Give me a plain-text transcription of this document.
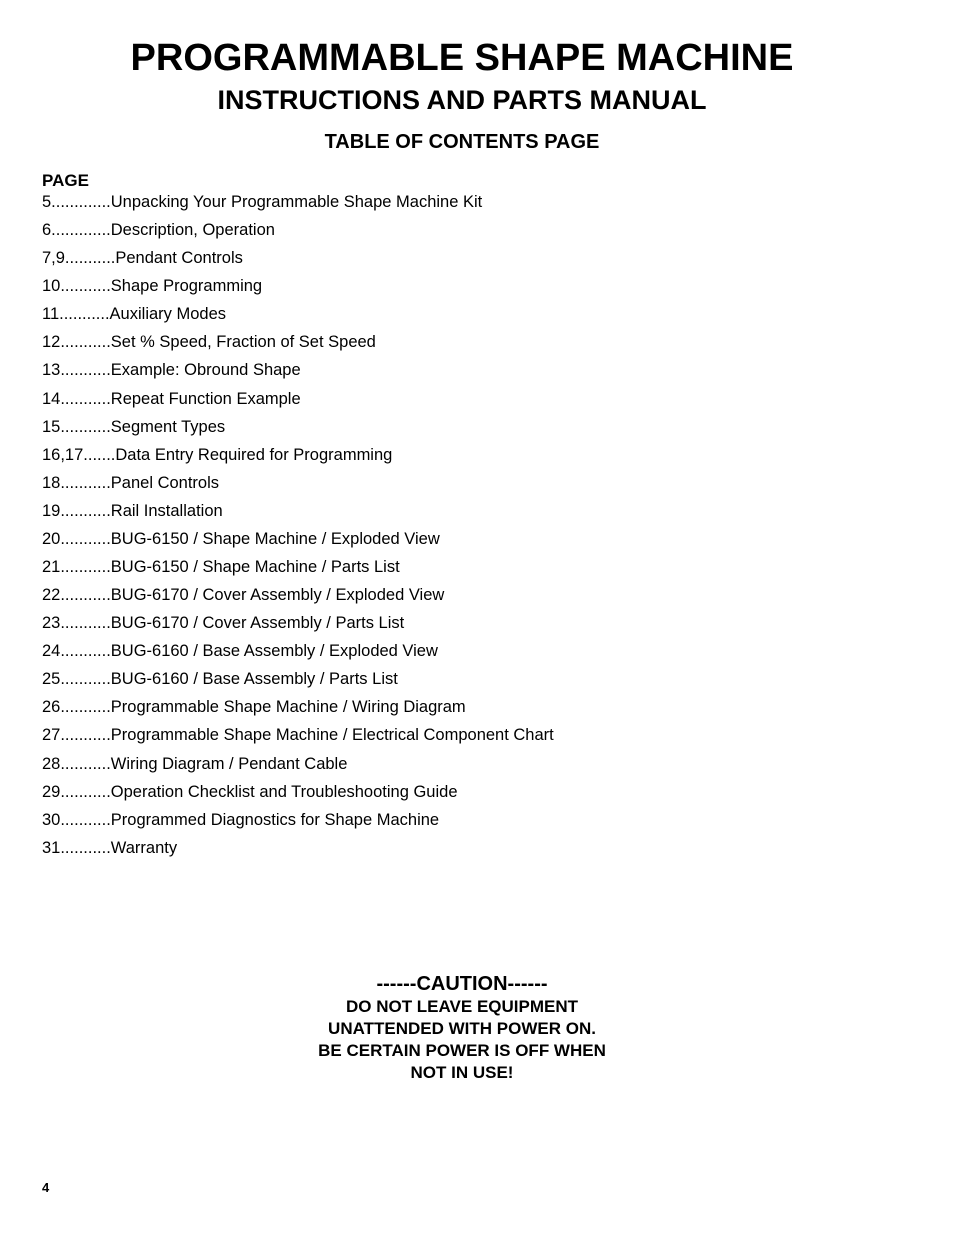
PROGRAMMABLE SHAPE MACHINE
INSTRUCTIONS AND PARTS MANUAL
TABLE OF CONTENTS PAGE
PAGE
5.............Unpacking Your Programmable Shape Machine Kit
6.............Description, Operation
7,9...........Pendant Controls
10...........Shape Programming
11...........Auxiliary Modes
12...........Set % Speed, Fraction of Set Speed
13...........Example: Obround Shape
14...........Repeat Function Example
15...........Segment Types
16,17.......Data Entry Required for Programming
18...........Panel Controls
19...........Rail Installation
20...........BUG-6150 / Shape Machine / Exploded View
21...........BUG-6150 / Shape Machine / Parts List
22...........BUG-6170 / Cover Assembly / Exploded View
23...........BUG-6170 / Cover Assembly / Parts List
24...........BUG-6160 / Base Assembly / Exploded View
25...........BUG-6160 / Base Assembly / Parts List
26...........Programmable Shape Machine / Wiring Diagram
27...........Programmable Shape Machine / Electrical Component Chart
28...........Wiring Diagram / Pendant Cable
29...........Operation Checklist and Troubleshooting Guide
30...........Programmed Diagnostics for Shape Machine
31...........Warranty

------CAUTION------

DO NOT LEAVE EQUIPMENT

UNATTENDED WITH POWER ON.

BE CERTAIN POWER IS OFF WHEN

NOT IN USE!

4
